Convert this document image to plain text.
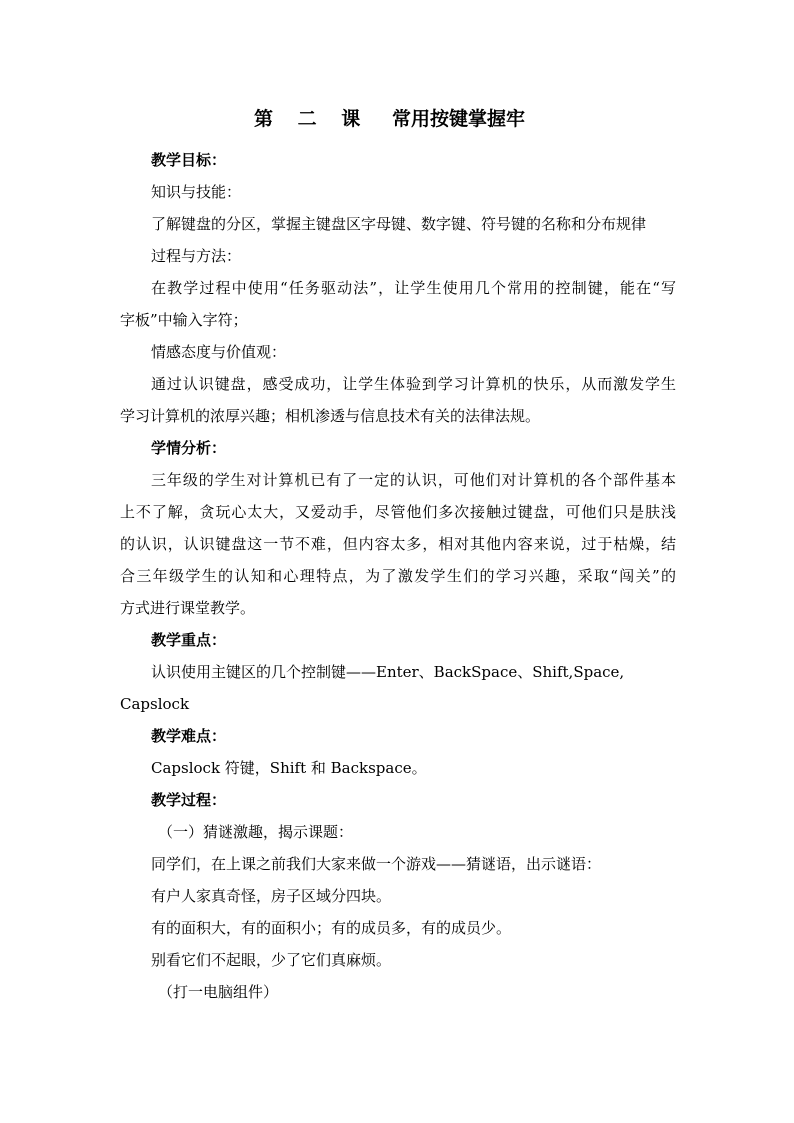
第 二 课 常用按键掌握牢
教学目标：
知识与技能：
了解键盘的分区，掌握主键盘区字母键、数字键、符号键的名称和分布规律
过程与方法：
在教学过程中使用“任务驱动法”，让学生使用几个常用的控制键，能在“写
字板”中输入字符；
情感态度与价值观：
通过认识键盘，感受成功，让学生体验到学习计算机的快乐，从而激发学生
学习计算机的浓厚兴趣；相机渗透与信息技术有关的法律法规。
学情分析：
三年级的学生对计算机已有了一定的认识，可他们对计算机的各个部件基本
上不了解，贪玩心太大，又爱动手，尽管他们多次接触过键盘，可他们只是肤浅
的认识，认识键盘这一节不难，但内容太多，相对其他内容来说，过于枯燥，结
合三年级学生的认知和心理特点，为了激发学生们的学习兴趣，采取“闯关”的
方式进行课堂教学。
教学重点：
认识使用主键区的几个控制键——Enter、BackSpace、Shift,Space,
Capslock
教学难点：
Capslock 符键，Shift 和 Backspace。
教学过程：
（一）猜谜激趣，揭示课题：
同学们，在上课之前我们大家来做一个游戏——猜谜语，出示谜语：
有户人家真奇怪，房子区域分四块。
有的面积大，有的面积小；有的成员多，有的成员少。
别看它们不起眼，少了它们真麻烦。
（打一电脑组件）
